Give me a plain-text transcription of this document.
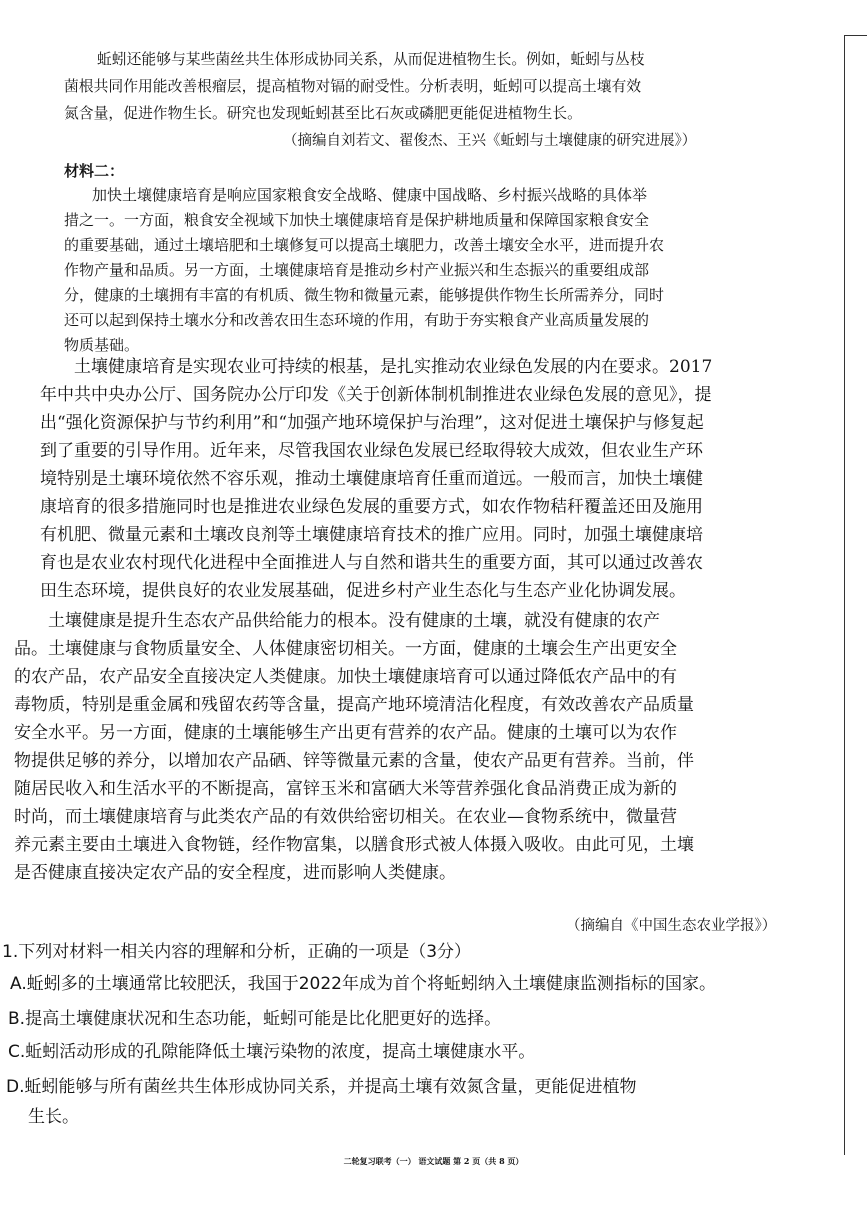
蚯蚓还能够与某些菌丝共生体形成协同关系，从而促进植物生长。例如，蚯蚓与丛枝
菌根共同作用能改善根瘤层，提高植物对镉的耐受性。分析表明，蚯蚓可以提高土壤有效
氮含量，促进作物生长。研究也发现蚯蚓甚至比石灰或磷肥更能促进植物生长。
（摘编自刘若文、翟俊杰、王兴《蚯蚓与土壤健康的研究进展》）
材料二：
加快土壤健康培育是响应国家粮食安全战略、健康中国战略、乡村振兴战略的具体举
措之一。一方面，粮食安全视域下加快土壤健康培育是保护耕地质量和保障国家粮食安全
的重要基础，通过土壤培肥和土壤修复可以提高土壤肥力，改善土壤安全水平，进而提升农
作物产量和品质。另一方面，土壤健康培育是推动乡村产业振兴和生态振兴的重要组成部
分，健康的土壤拥有丰富的有机质、微生物和微量元素，能够提供作物生长所需养分，同时
还可以起到保持土壤水分和改善农田生态环境的作用，有助于夯实粮食产业高质量发展的
物质基础。
土壤健康培育是实现农业可持续的根基，是扎实推动农业绿色发展的内在要求。2017
年中共中央办公厅、国务院办公厅印发《关于创新体制机制推进农业绿色发展的意见》，提
出“强化资源保护与节约利用”和“加强产地环境保护与治理”，这对促进土壤保护与修复起
到了重要的引导作用。近年来，尽管我国农业绿色发展已经取得较大成效，但农业生产环
境特别是土壤环境依然不容乐观，推动土壤健康培育任重而道远。一般而言，加快土壤健
康培育的很多措施同时也是推进农业绿色发展的重要方式，如农作物秸秆覆盖还田及施用
有机肥、微量元素和土壤改良剂等土壤健康培育技术的推广应用。同时，加强土壤健康培
育也是农业农村现代化进程中全面推进人与自然和谐共生的重要方面，其可以通过改善农
田生态环境，提供良好的农业发展基础，促进乡村产业生态化与生态产业化协调发展。
土壤健康是提升生态农产品供给能力的根本。没有健康的土壤，就没有健康的农产
品。土壤健康与食物质量安全、人体健康密切相关。一方面，健康的土壤会生产出更安全
的农产品，农产品安全直接决定人类健康。加快土壤健康培育可以通过降低农产品中的有
毒物质，特别是重金属和残留农药等含量，提高产地环境清洁化程度，有效改善农产品质量
安全水平。另一方面，健康的土壤能够生产出更有营养的农产品。健康的土壤可以为农作
物提供足够的养分，以增加农产品硒、锌等微量元素的含量，使农产品更有营养。当前，伴
随居民收入和生活水平的不断提高，富锌玉米和富硒大米等营养强化食品消费正成为新的
时尚，而土壤健康培育与此类农产品的有效供给密切相关。在农业—食物系统中，微量营
养元素主要由土壤进入食物链，经作物富集，以膳食形式被人体摄入吸收。由此可见，土壤
是否健康直接决定农产品的安全程度，进而影响人类健康。
（摘编自《中国生态农业学报》）
1.下列对材料一相关内容的理解和分析，正确的一项是（3分）
A.蚯蚓多的土壤通常比较肥沃，我国于2022年成为首个将蚯蚓纳入土壤健康监测指标的国家。
B.提高土壤健康状况和生态功能，蚯蚓可能是比化肥更好的选择。
C.蚯蚓活动形成的孔隙能降低土壤污染物的浓度，提高土壤健康水平。
D.蚯蚓能够与所有菌丝共生体形成协同关系，并提高土壤有效氮含量，更能促进植物
生长。
二轮复习联考（一） 语文试题 第 2 页（共 8 页）
